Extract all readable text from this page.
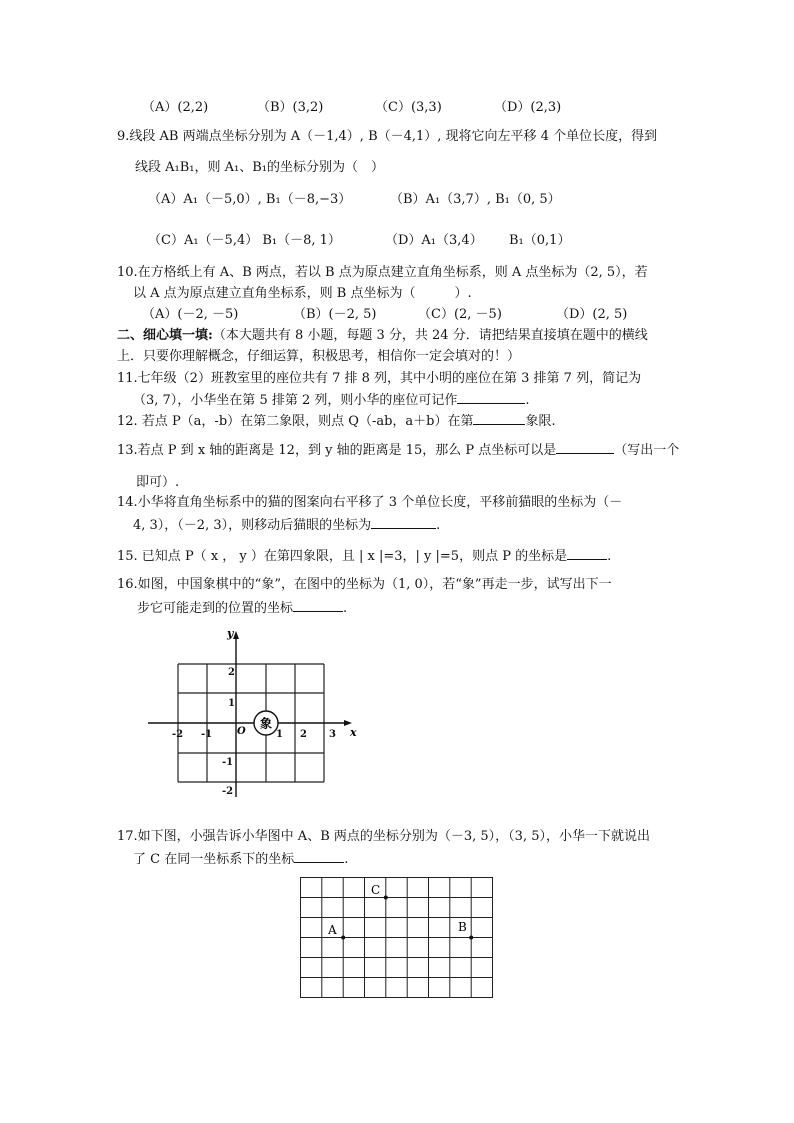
（A）(2,2)	（B）(3,2)	（C）(3,3)	（D）(2,3)
9.线段 AB 两端点坐标分别为 A（－1,4）, B（－4,1）, 现将它向左平移 4 个单位长度，得到
线段 A₁B₁，则 A₁、B₁的坐标分别为（　）
（A）A₁（－5,0）, B₁（－8,−3）	（B）A₁（3,7）, B₁（0, 5）
（C）A₁（－5,4） B₁（－8, 1）	（D）A₁（3,4） B₁（0,1）
10.在方格纸上有 A、B 两点，若以 B 点为原点建立直角坐标系，则 A 点坐标为（2, 5），若
以 A 点为原点建立直角坐标系，则 B 点坐标为（　　　）.
（A）(－2, －5)	（B）(－2, 5)	（C）(2, －5)	（D）(2, 5)
二、细心填一填:（本大题共有 8 小题，每题 3 分，共 24 分．请把结果直接填在题中的横线
上．只要你理解概念，仔细运算，积极思考，相信你一定会填对的！）
11.七年级（2）班教室里的座位共有 7 排 8 列，其中小明的座位在第 3 排第 7 列，简记为
（3, 7），小华坐在第 5 排第 2 列，则小华的座位可记作	.
12. 若点 P（a，-b）在第二象限，则点 Q（-ab，a＋b）在第	象限.
13.若点 P 到 x 轴的距离是 12，到 y 轴的距离是 15，那么 P 点坐标可以是	（写出一个
即可）.
14.小华将直角坐标系中的猫的图案向右平移了 3 个单位长度，平移前猫眼的坐标为（－
4, 3），（－2, 3），则移动后猫眼的坐标为	.
15. 已知点 P（ x ， y ）在第四象限，且 | x |=3，| y |=5，则点 P 的坐标是	.
16.如图，中国象棋中的“象”，在图中的坐标为（1, 0），若“象”再走一步，试写出下一
步它可能走到的位置的坐标	.
x
y
O
-2 -1	1 2 3
2
1
-1
-2
象
17.如下图，小强告诉小华图中 A、B 两点的坐标分别为（－3, 5），（3, 5），小华一下就说出
了 C 在同一坐标系下的坐标	.
A	B
C
